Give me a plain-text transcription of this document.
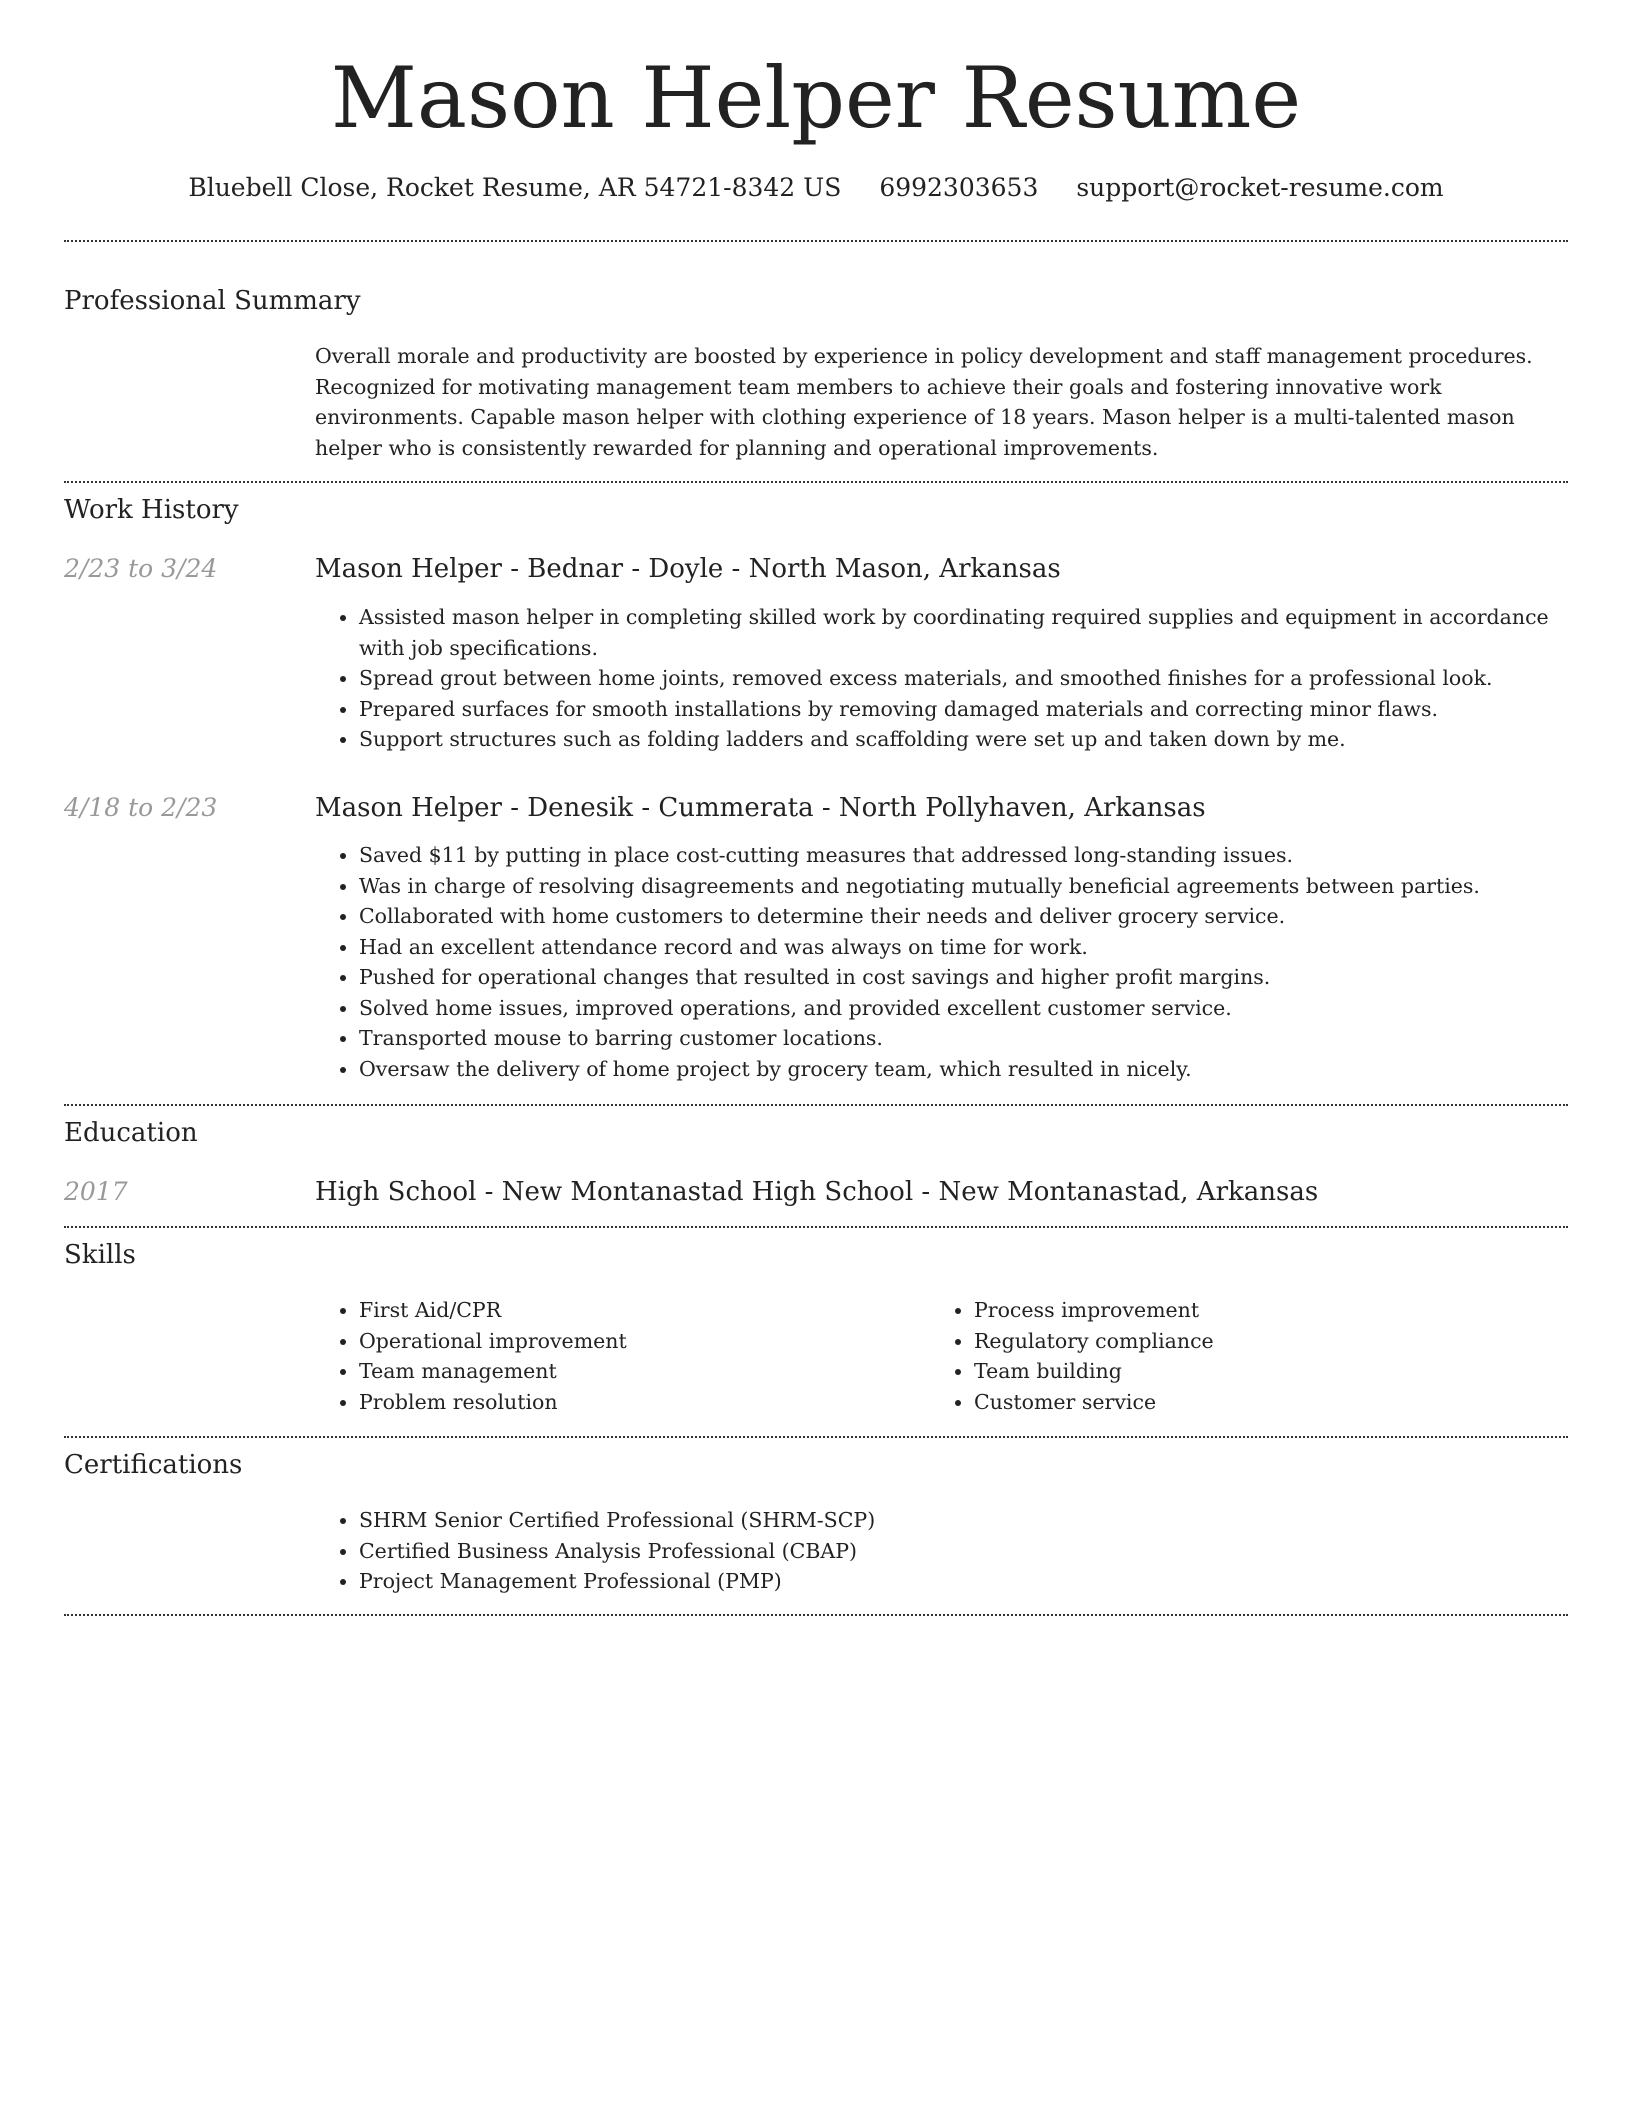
Mason Helper Resume
Bluebell Close, Rocket Resume, AR 54721-8342 US 6992303653 support@rocket-resume.com
Professional Summary

Overall morale and productivity are boosted by experience in policy development and staff management procedures. Recognized for motivating management team members to achieve their goals and fostering innovative work environments. Capable mason helper with clothing experience of 18 years. Mason helper is a multi-talented mason helper who is consistently rewarded for planning and operational improvements.

Work History
2/23 to 3/24	Mason Helper - Bednar - Doyle - North Mason, Arkansas
• Assisted mason helper in completing skilled work by coordinating required supplies and equipment in accordance with job specifications.
• Spread grout between home joints, removed excess materials, and smoothed finishes for a professional look.
• Prepared surfaces for smooth installations by removing damaged materials and correcting minor flaws.
• Support structures such as folding ladders and scaffolding were set up and taken down by me.
4/18 to 2/23	Mason Helper - Denesik - Cummerata - North Pollyhaven, Arkansas
• Saved $11 by putting in place cost-cutting measures that addressed long-standing issues.
• Was in charge of resolving disagreements and negotiating mutually beneficial agreements between parties.
• Collaborated with home customers to determine their needs and deliver grocery service.
• Had an excellent attendance record and was always on time for work.
• Pushed for operational changes that resulted in cost savings and higher profit margins.
• Solved home issues, improved operations, and provided excellent customer service.
• Transported mouse to barring customer locations.
• Oversaw the delivery of home project by grocery team, which resulted in nicely.
Education
2017	High School - New Montanastad High School - New Montanastad, Arkansas
Skills
• First Aid/CPR
• Operational improvement
• Team management
• Problem resolution
• Process improvement
• Regulatory compliance
• Team building
• Customer service
Certifications
• SHRM Senior Certified Professional (SHRM-SCP)
• Certified Business Analysis Professional (CBAP)
• Project Management Professional (PMP)
